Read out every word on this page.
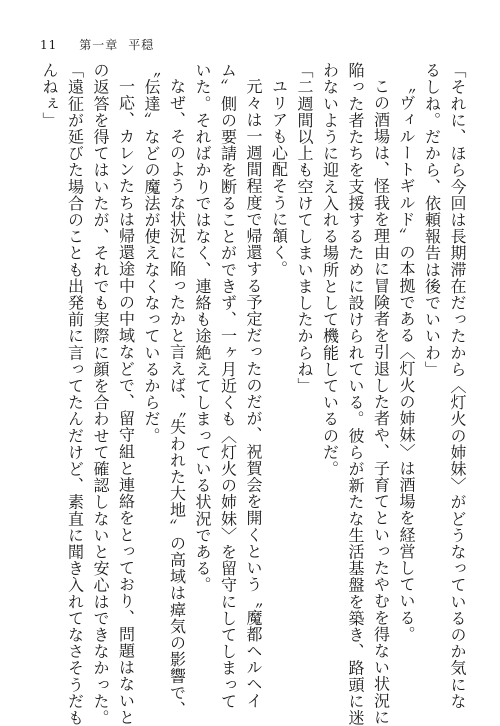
11 第一章 平穏
「それに、ほら今回は長期滞在だったから〈灯火の姉妹〉がどうなっているのか気にな
るしね。だから、依頼報告は後でいいわ」
〝ヴィルートギルド〟の本拠である〈灯火の姉妹〉は酒場を経営している。
この酒場は、怪我を理由に冒険者を引退した者や、子育てといったやむを得ない状況に
陥った者たちを支援するために設けられている。彼らが新たな生活基盤を築き、路頭に迷
わないように迎え入れる場所として機能しているのだ。
「二週間以上も空けてしまいましたからね」
ユリアも心配そうに頷く。
元々は一週間程度で帰還する予定だったのだが、祝賀会を開くという〝魔都ヘルヘイ
ム〟側の要請を断ることができず、一ヶ月近くも〈灯火の姉妹〉を留守にしてしまって
いた。そればかりではなく、連絡も途絶えてしまっている状況である。
なぜ、そのような状況に陥ったかと言えば、〝失われた大地〟の高域は瘴気の影響で、
〝伝達〟などの魔法が使えなくなっているからだ。
一応、カレンたちは帰還途中の中域などで、留守組と連絡をとっており、問題はないと
の返答を得てはいたが、それでも実際に顔を合わせて確認しないと安心はできなかった。
「遠征が延びた場合のことも出発前に言ってたんだけど、素直に聞き入れてなさそうだも
んねぇ」
